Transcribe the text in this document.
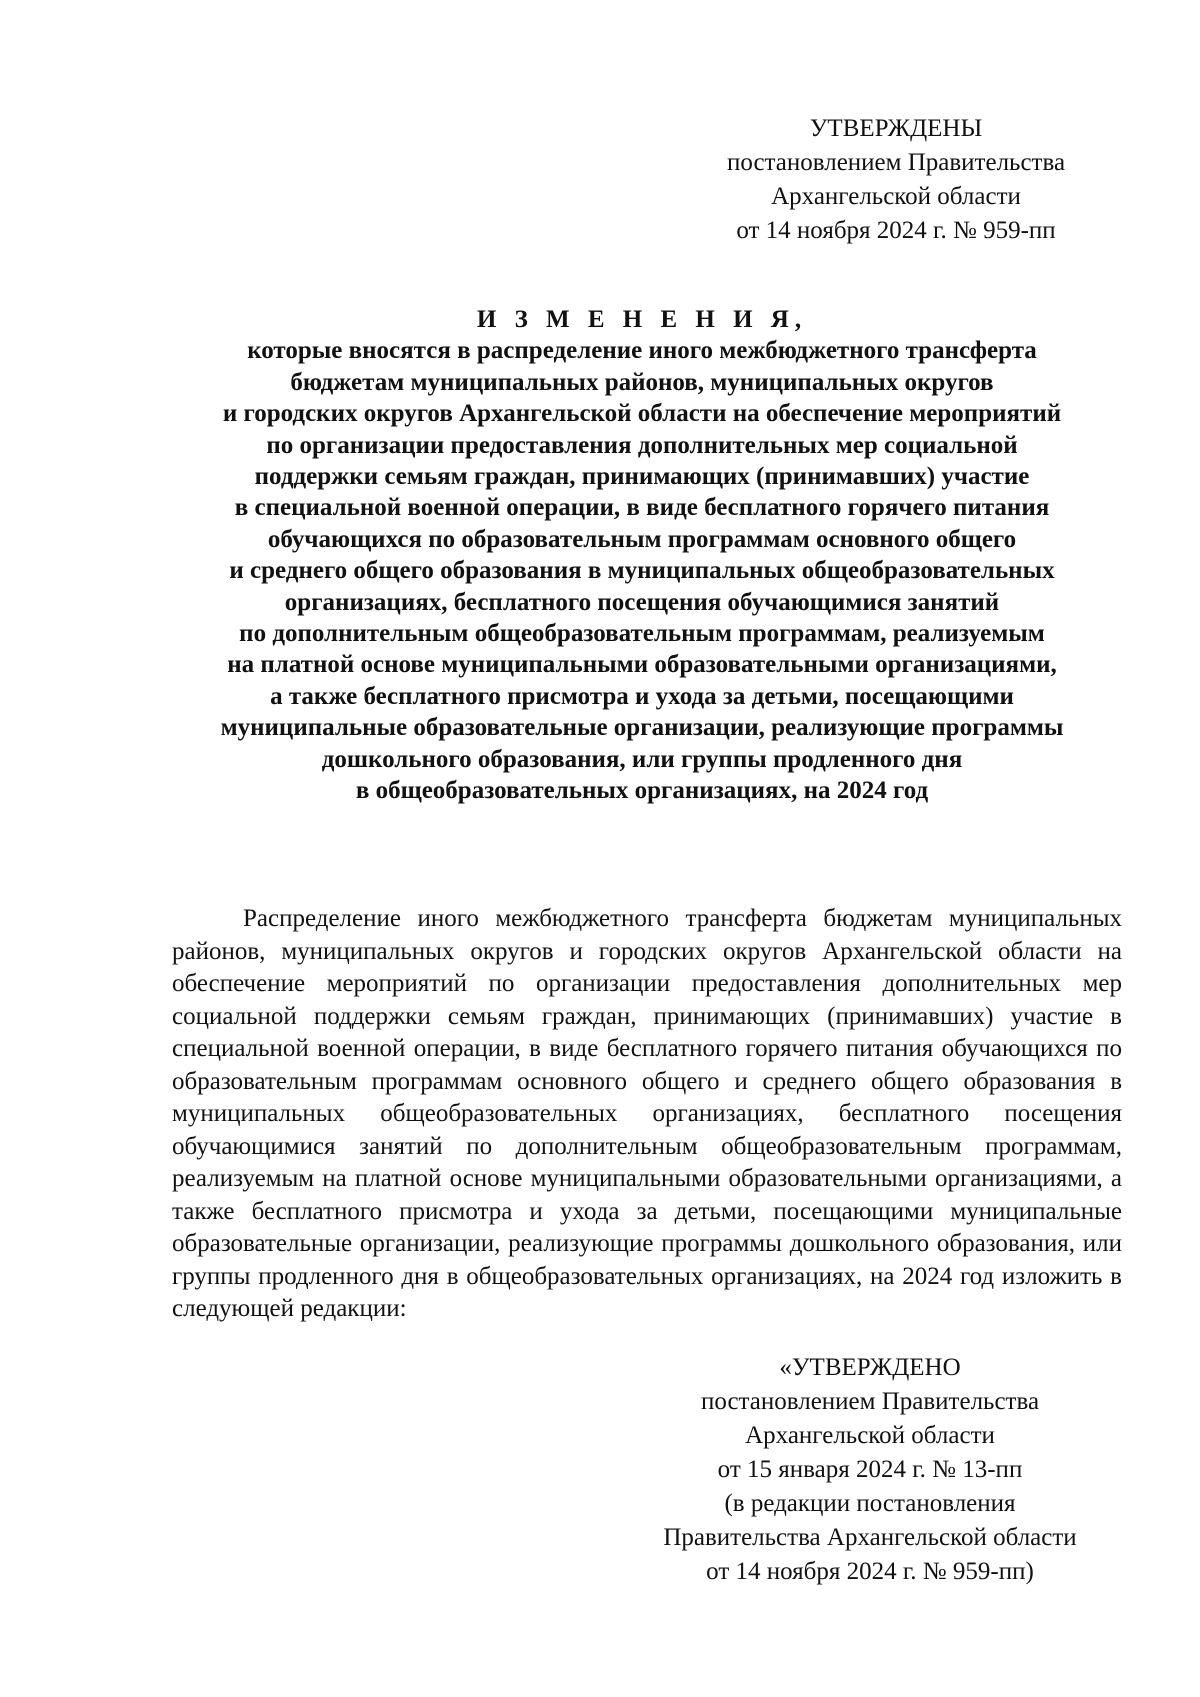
УТВЕРЖДЕНЫ
постановлением Правительства
Архангельской области
от 14 ноября 2024 г. № 959-пп
И З М Е Н Е Н И Я,
которые вносятся в распределение иного межбюджетного трансферта
бюджетам муниципальных районов, муниципальных округов
и городских округов Архангельской области на обеспечение мероприятий
по организации предоставления дополнительных мер социальной
поддержки семьям граждан, принимающих (принимавших) участие
в специальной военной операции, в виде бесплатного горячего питания
обучающихся по образовательным программам основного общего
и среднего общего образования в муниципальных общеобразовательных
организациях, бесплатного посещения обучающимися занятий
по дополнительным общеобразовательным программам, реализуемым
на платной основе муниципальными образовательными организациями,
а также бесплатного присмотра и ухода за детьми, посещающими
муниципальные образовательные организации, реализующие программы
дошкольного образования, или группы продленного дня
в общеобразовательных организациях, на 2024 год

Распределение иного межбюджетного трансферта бюджетам муниципальных районов, муниципальных округов и городских округов Архангельской области на обеспечение мероприятий по организации предоставления дополнительных мер социальной поддержки семьям граждан, принимающих (принимавших) участие в специальной военной операции, в виде бесплатного горячего питания обучающихся по образовательным программам основного общего и среднего общего образования в муниципальных общеобразовательных организациях, бесплатного посещения обучающимися занятий по дополнительным общеобразовательным программам, реализуемым на платной основе муниципальными образовательными организациями, а также бесплатного присмотра и ухода за детьми, посещающими муниципальные образовательные организации, реализующие программы дошкольного образования, или группы продленного дня в общеобразовательных организациях, на 2024 год изложить в следующей редакции:

«УТВЕРЖДЕНО
постановлением Правительства
Архангельской области
от 15 января 2024 г. № 13-пп
(в редакции постановления
Правительства Архангельской области
от 14 ноября 2024 г. № 959-пп)
